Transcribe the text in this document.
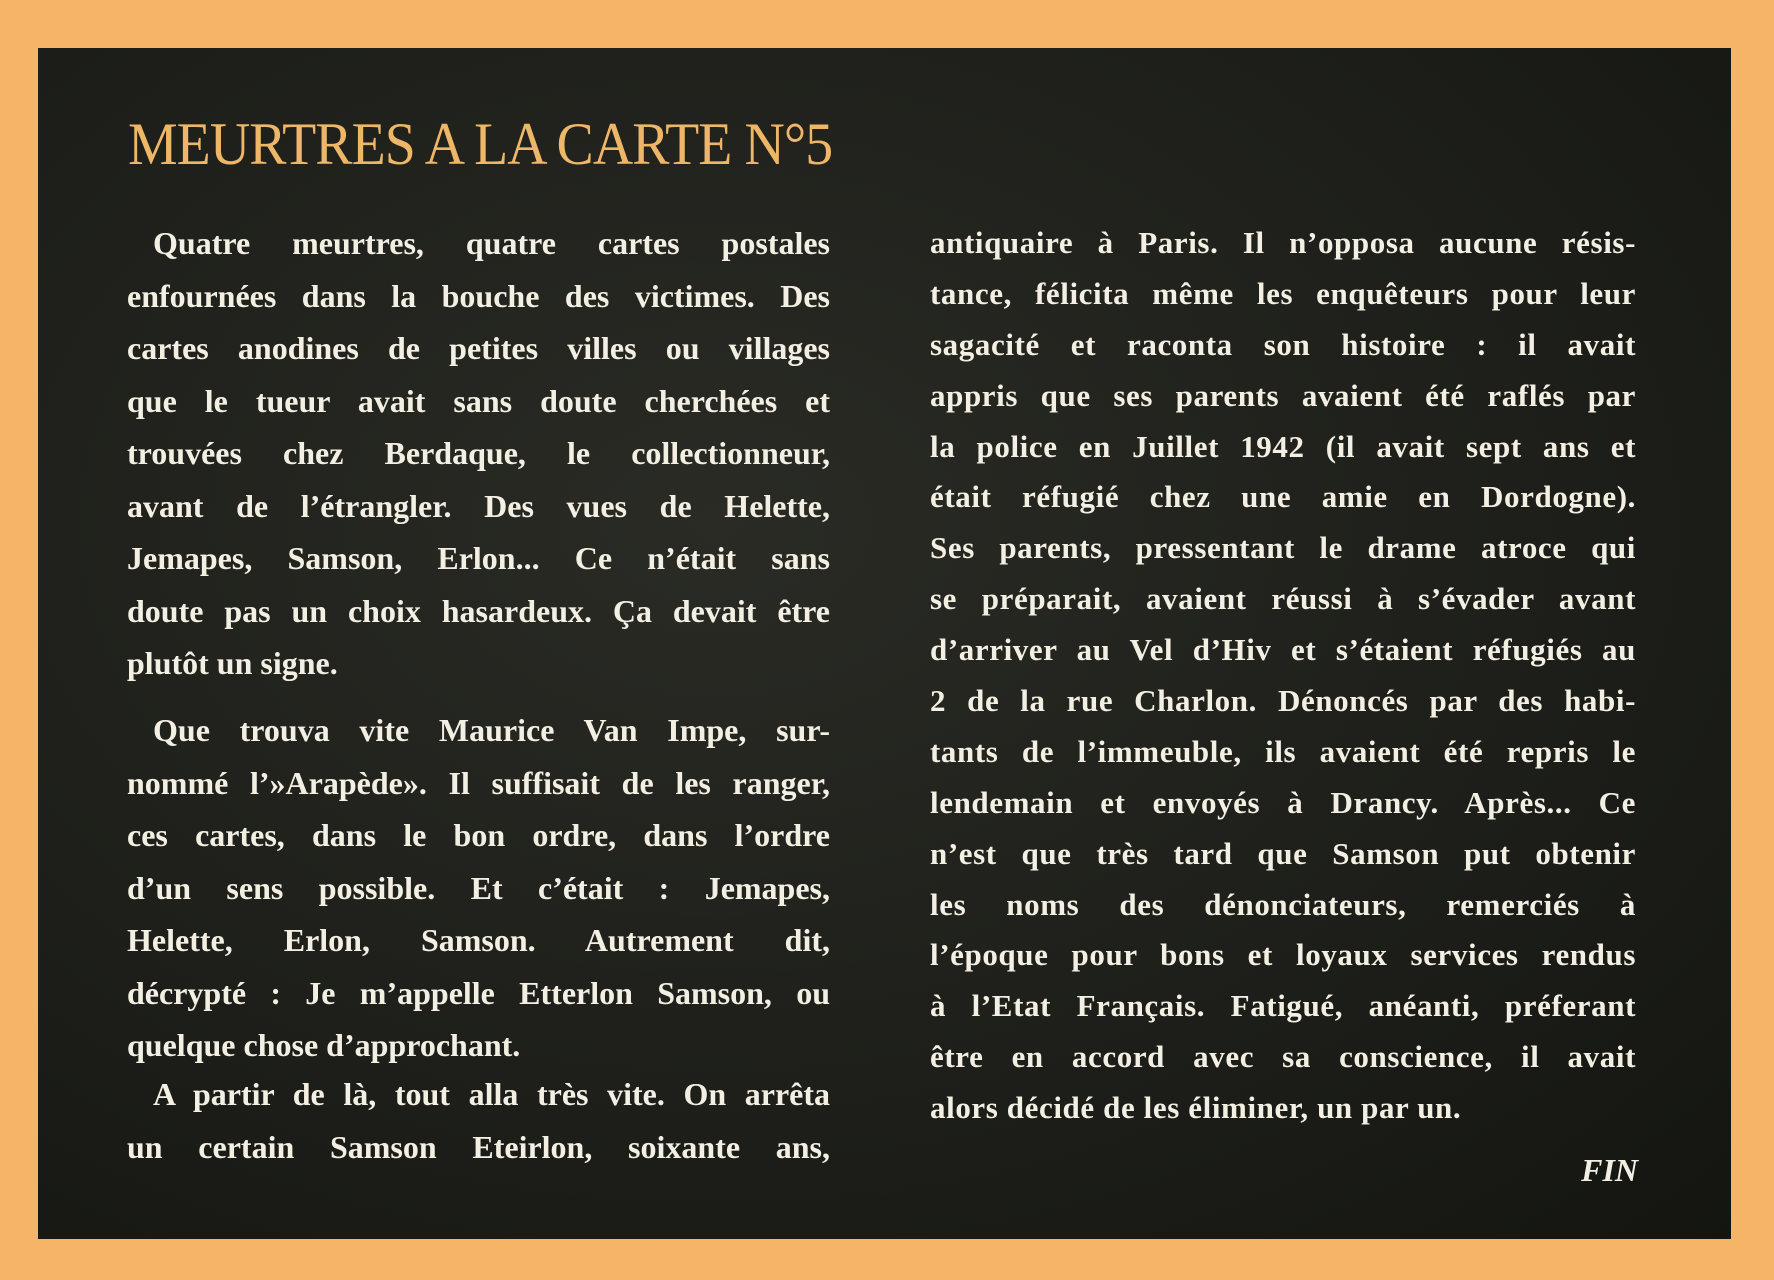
MEURTRES A LA CARTE N°5
Quatre meurtres, quatre cartes postales
enfournées dans la bouche des victimes. Des
cartes anodines de petites villes ou villages
que le tueur avait sans doute cherchées et
trouvées chez Berdaque, le collectionneur,
avant de l’étrangler. Des vues de Helette,
Jemapes, Samson, Erlon... Ce n’était sans
doute pas un choix hasardeux. Ça devait être
plutôt un signe.
Que trouva vite Maurice Van Impe, sur-
nommé l’»Arapède». Il suffisait de les ranger,
ces cartes, dans le bon ordre, dans l’ordre
d’un sens possible. Et c’était : Jemapes,
Helette, Erlon, Samson. Autrement dit,
décrypté : Je m’appelle Etterlon Samson, ou
quelque chose d’approchant.
A partir de là, tout alla très vite. On arrêta
un certain Samson Eteirlon, soixante ans,
antiquaire à Paris. Il n’opposa aucune résis-
tance, félicita même les enquêteurs pour leur
sagacité et raconta son histoire : il avait
appris que ses parents avaient été raflés par
la police en Juillet 1942 (il avait sept ans et
était réfugié chez une amie en Dordogne).
Ses parents, pressentant le drame atroce qui
se préparait, avaient réussi à s’évader avant
d’arriver au Vel d’Hiv et s’étaient réfugiés au
2 de la rue Charlon. Dénoncés par des habi-
tants de l’immeuble, ils avaient été repris le
lendemain et envoyés à Drancy. Après... Ce
n’est que très tard que Samson put obtenir
les noms des dénonciateurs, remerciés à
l’époque pour bons et loyaux services rendus
à l’Etat Français. Fatigué, anéanti, préferant
être en accord avec sa conscience, il avait
alors décidé de les éliminer, un par un.
FIN
